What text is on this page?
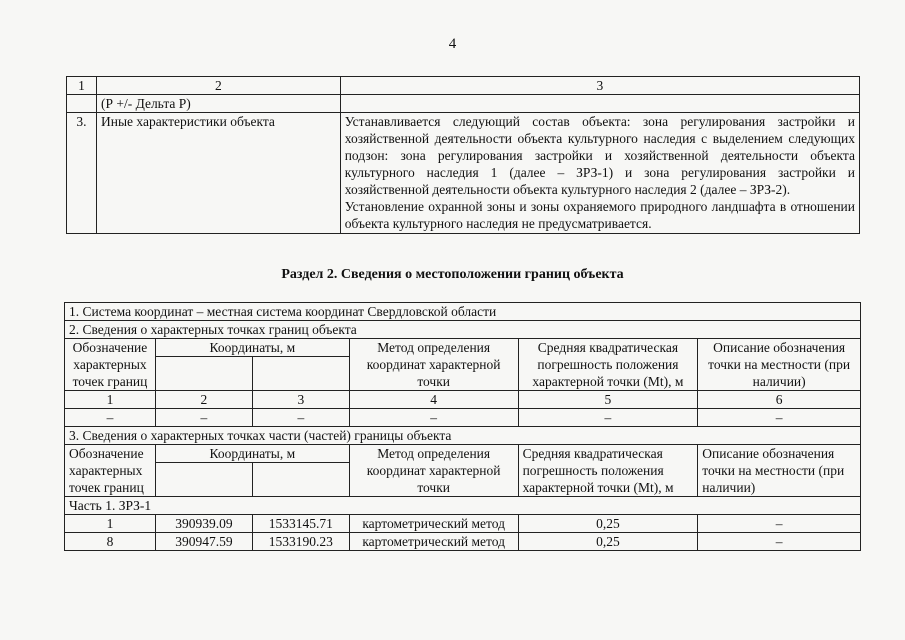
4
1	2	3
	(Р +/- Дельта Р)	
3.	Иные характеристики объекта	Устанавливается следующий состав объекта: зона регулирования застройки и хозяйственной деятельности объекта культурного наследия с выделением следующих подзон: зона регулирования застройки и хозяйственной деятельности объекта культурного наследия 1 (далее – ЗРЗ-1) и зона регулирования застройки и хозяйственной деятельности объекта культурного наследия 2 (далее – ЗРЗ-2).
Установление охранной зоны и зоны охраняемого природного ландшафта в отношении объекта культурного наследия не предусматривается.
Раздел 2. Сведения о местоположении границ объекта
1. Система координат – местная система координат Свердловской области					
2. Сведения о характерных точках границ объекта					
Обозначение характерных точек границ	Координаты, м		Метод определения координат характерной точки	Средняя квадратическая погрешность положения характерной точки (Mt), м	Описание обозначения точки на местности (при наличии)

1	2	3	4	5	6
–	–	–	–	–	–
3. Сведения о характерных точках части (частей) границы объекта					
Обозначение характерных точек границ	Координаты, м		Метод определения координат характерной точки	Средняя квадратическая погрешность положения характерной точки (Mt), м	Описание обозначения точки на местности (при наличии)

Часть 1. ЗРЗ-1					
1	390939.09	1533145.71	картометрический метод	0,25	–
8	390947.59	1533190.23	картометрический метод	0,25	–
